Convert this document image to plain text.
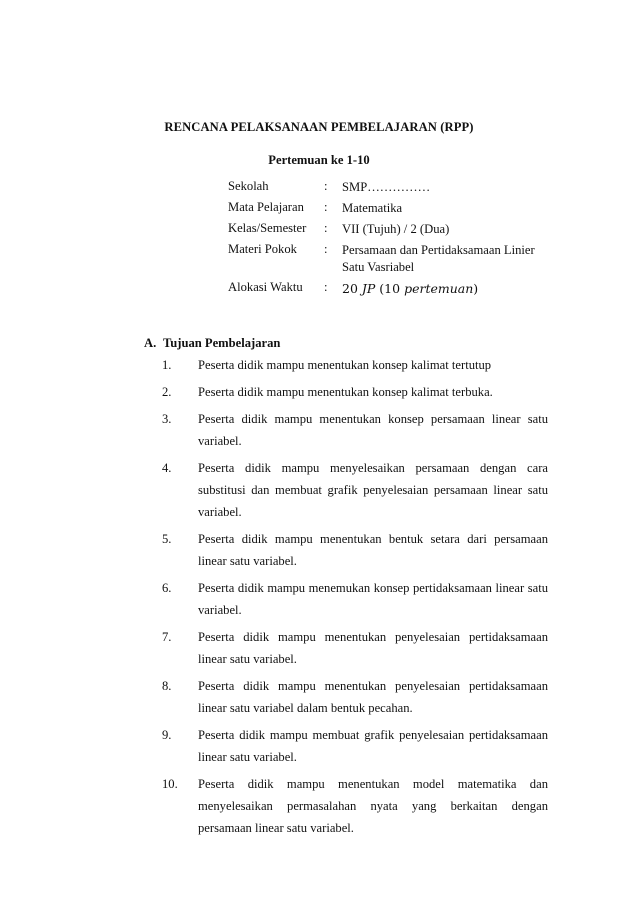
RENCANA PELAKSANAAN PEMBELAJARAN (RPP)
Pertemuan ke 1-10
Sekolah	:	SMP……………
Mata Pelajaran	:	Matematika
Kelas/Semester	:	VII (Tujuh) / 2 (Dua)
Materi Pokok	:	Persamaan dan Pertidaksamaan Linier Satu Vasriabel
Alokasi Waktu	:	20 JP (10 pertemuan)
A. Tujuan Pembelajaran
1.	Peserta didik mampu menentukan konsep kalimat tertutup
2.	Peserta didik mampu menentukan konsep kalimat terbuka.
3.	Peserta didik mampu menentukan konsep persamaan linear satu variabel.
4.	Peserta didik mampu menyelesaikan persamaan dengan cara substitusi dan membuat grafik penyelesaian persamaan linear satu variabel.
5.	Peserta didik mampu menentukan bentuk setara dari persamaan linear satu variabel.
6.	Peserta didik mampu menemukan konsep pertidaksamaan linear satu variabel.
7.	Peserta didik mampu menentukan penyelesaian pertidaksamaan linear satu variabel.
8.	Peserta didik mampu menentukan penyelesaian pertidaksamaan linear satu variabel dalam bentuk pecahan.
9.	Peserta didik mampu membuat grafik penyelesaian pertidaksamaan linear satu variabel.
10.	Peserta didik mampu menentukan model matematika dan menyelesaikan permasalahan nyata yang berkaitan dengan persamaan linear satu variabel.
